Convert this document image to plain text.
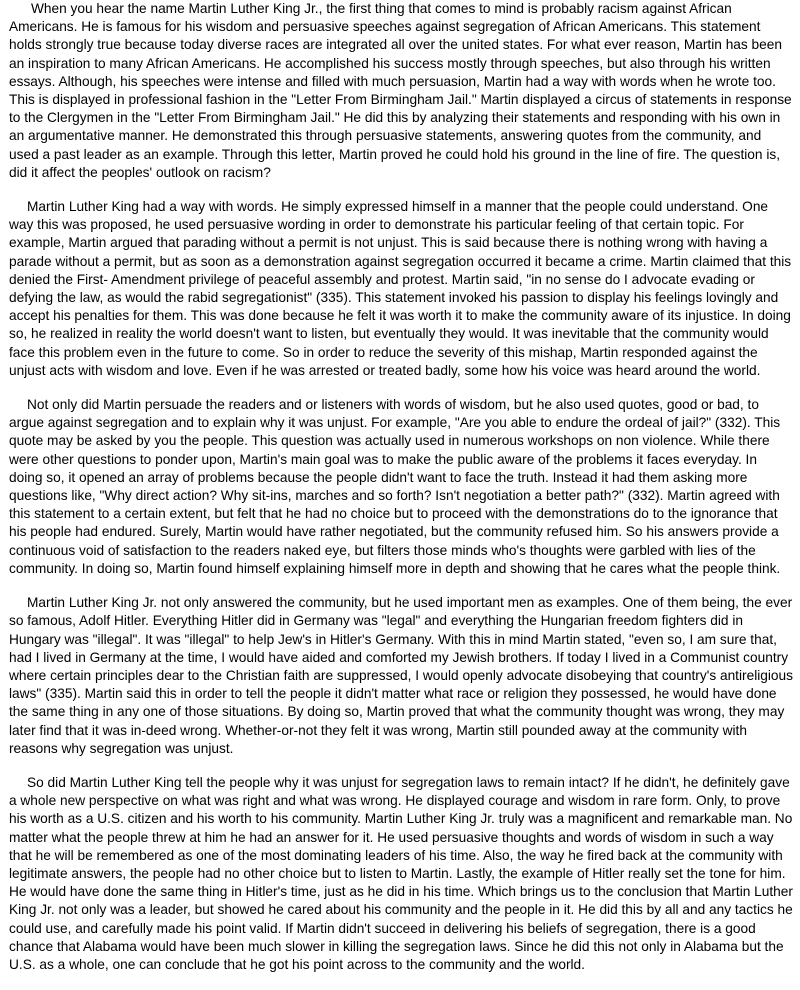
When you hear the name Martin Luther King Jr., the first thing that comes to mind is probably racism against African Americans. He is famous for his wisdom and persuasive speeches against segregation of African Americans. This statement holds strongly true because today diverse races are integrated all over the united states. For what ever reason, Martin has been an inspiration to many African Americans. He accomplished his success mostly through speeches, but also through his written essays. Although, his speeches were intense and filled with much persuasion, Martin had a way with words when he wrote too. This is displayed in professional fashion in the "Letter From Birmingham Jail." Martin displayed a circus of statements in response to the Clergymen in the "Letter From Birmingham Jail." He did this by analyzing their statements and responding with his own in an argumentative manner. He demonstrated this through persuasive statements, answering quotes from the community, and used a past leader as an example. Through this letter, Martin proved he could hold his ground in the line of fire. The question is, did it affect the peoples' outlook on racism?

Martin Luther King had a way with words. He simply expressed himself in a manner that the people could understand. One way this was proposed, he used persuasive wording in order to demonstrate his particular feeling of that certain topic. For example, Martin argued that parading without a permit is not unjust. This is said because there is nothing wrong with having a parade without a permit, but as soon as a demonstration against segregation occurred it became a crime. Martin claimed that this denied the First- Amendment privilege of peaceful assembly and protest. Martin said, "in no sense do I advocate evading or defying the law, as would the rabid segregationist" (335). This statement invoked his passion to display his feelings lovingly and accept his penalties for them. This was done because he felt it was worth it to make the community aware of its injustice. In doing so, he realized in reality the world doesn't want to listen, but eventually they would. It was inevitable that the community would face this problem even in the future to come. So in order to reduce the severity of this mishap, Martin responded against the unjust acts with wisdom and love. Even if he was arrested or treated badly, some how his voice was heard around the world.

Not only did Martin persuade the readers and or listeners with words of wisdom, but he also used quotes, good or bad, to argue against segregation and to explain why it was unjust. For example, "Are you able to endure the ordeal of jail?" (332). This quote may be asked by you the people. This question was actually used in numerous workshops on non violence. While there were other questions to ponder upon, Martin's main goal was to make the public aware of the problems it faces everyday. In doing so, it opened an array of problems because the people didn't want to face the truth. Instead it had them asking more questions like, "Why direct action? Why sit-ins, marches and so forth? Isn't negotiation a better path?" (332). Martin agreed with this statement to a certain extent, but felt that he had no choice but to proceed with the demonstrations do to the ignorance that his people had endured. Surely, Martin would have rather negotiated, but the community refused him. So his answers provide a continuous void of satisfaction to the readers naked eye, but filters those minds who's thoughts were garbled with lies of the community. In doing so, Martin found himself explaining himself more in depth and showing that he cares what the people think.

Martin Luther King Jr. not only answered the community, but he used important men as examples. One of them being, the ever so famous, Adolf Hitler. Everything Hitler did in Germany was "legal" and everything the Hungarian freedom fighters did in Hungary was "illegal". It was "illegal" to help Jew's in Hitler's Germany. With this in mind Martin stated, "even so, I am sure that, had I lived in Germany at the time, I would have aided and comforted my Jewish brothers. If today I lived in a Communist country where certain principles dear to the Christian faith are suppressed, I would openly advocate disobeying that country's antireligious laws" (335). Martin said this in order to tell the people it didn't matter what race or religion they possessed, he would have done the same thing in any one of those situations. By doing so, Martin proved that what the community thought was wrong, they may later find that it was in-deed wrong. Whether-or-not they felt it was wrong, Martin still pounded away at the community with reasons why segregation was unjust.

So did Martin Luther King tell the people why it was unjust for segregation laws to remain intact? If he didn't, he definitely gave a whole new perspective on what was right and what was wrong. He displayed courage and wisdom in rare form. Only, to prove his worth as a U.S. citizen and his worth to his community. Martin Luther King Jr. truly was a magnificent and remarkable man. No matter what the people threw at him he had an answer for it. He used persuasive thoughts and words of wisdom in such a way that he will be remembered as one of the most dominating leaders of his time. Also, the way he fired back at the community with legitimate answers, the people had no other choice but to listen to Martin. Lastly, the example of Hitler really set the tone for him. He would have done the same thing in Hitler's time, just as he did in his time. Which brings us to the conclusion that Martin Luther King Jr. not only was a leader, but showed he cared about his community and the people in it. He did this by all and any tactics he could use, and carefully made his point valid. If Martin didn't succeed in delivering his beliefs of segregation, there is a good chance that Alabama would have been much slower in killing the segregation laws. Since he did this not only in Alabama but the U.S. as a whole, one can conclude that he got his point across to the community and the world.
